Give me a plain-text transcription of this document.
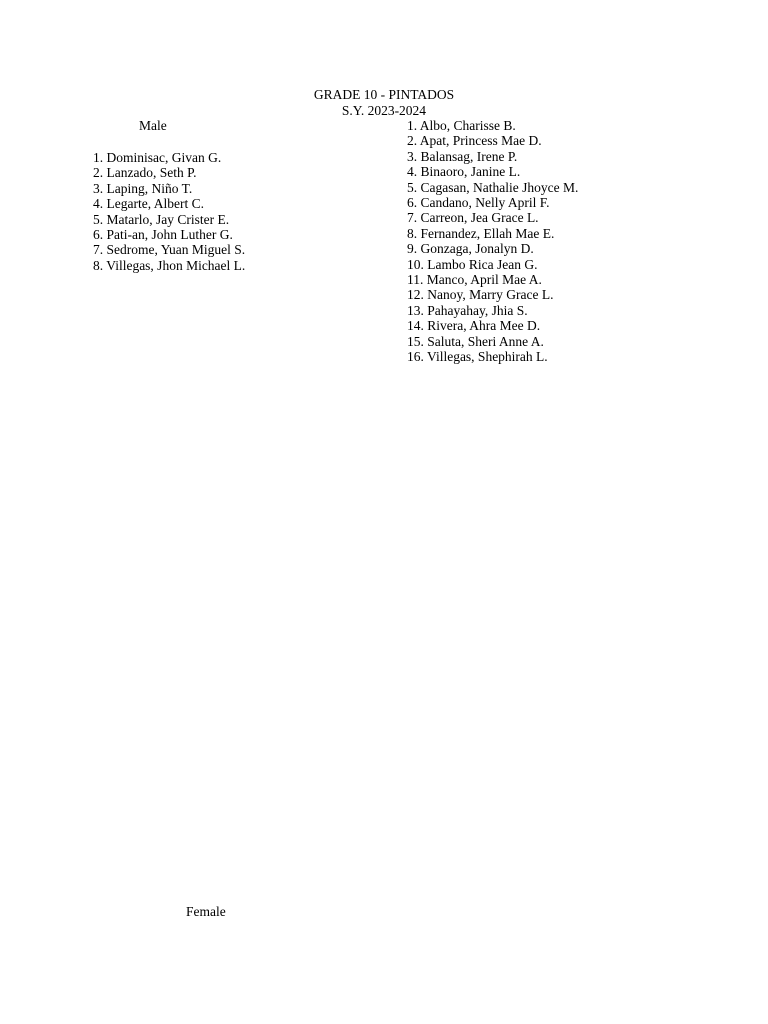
GRADE 10 - PINTADOS
S.Y. 2023-2024
Male
1. Dominisac, Givan G.
2. Lanzado, Seth P.
3. Laping, Niño T.
4. Legarte, Albert C.
5. Matarlo, Jay Crister E.
6. Pati-an, John Luther G.
7. Sedrome, Yuan Miguel S.
8. Villegas, Jhon Michael L.
1. Albo, Charisse B.
2. Apat, Princess Mae D.
3. Balansag, Irene P.
4. Binaoro, Janine L.
5. Cagasan, Nathalie Jhoyce M.
6. Candano, Nelly April F.
7. Carreon, Jea Grace L.
8. Fernandez, Ellah Mae E.
9. Gonzaga, Jonalyn D.
10. Lambo Rica Jean G.
11. Manco, April Mae A.
12. Nanoy, Marry Grace L.
13. Pahayahay, Jhia S.
14. Rivera, Ahra Mee D.
15. Saluta, Sheri Anne A.
16. Villegas, Shephirah L.
Female
